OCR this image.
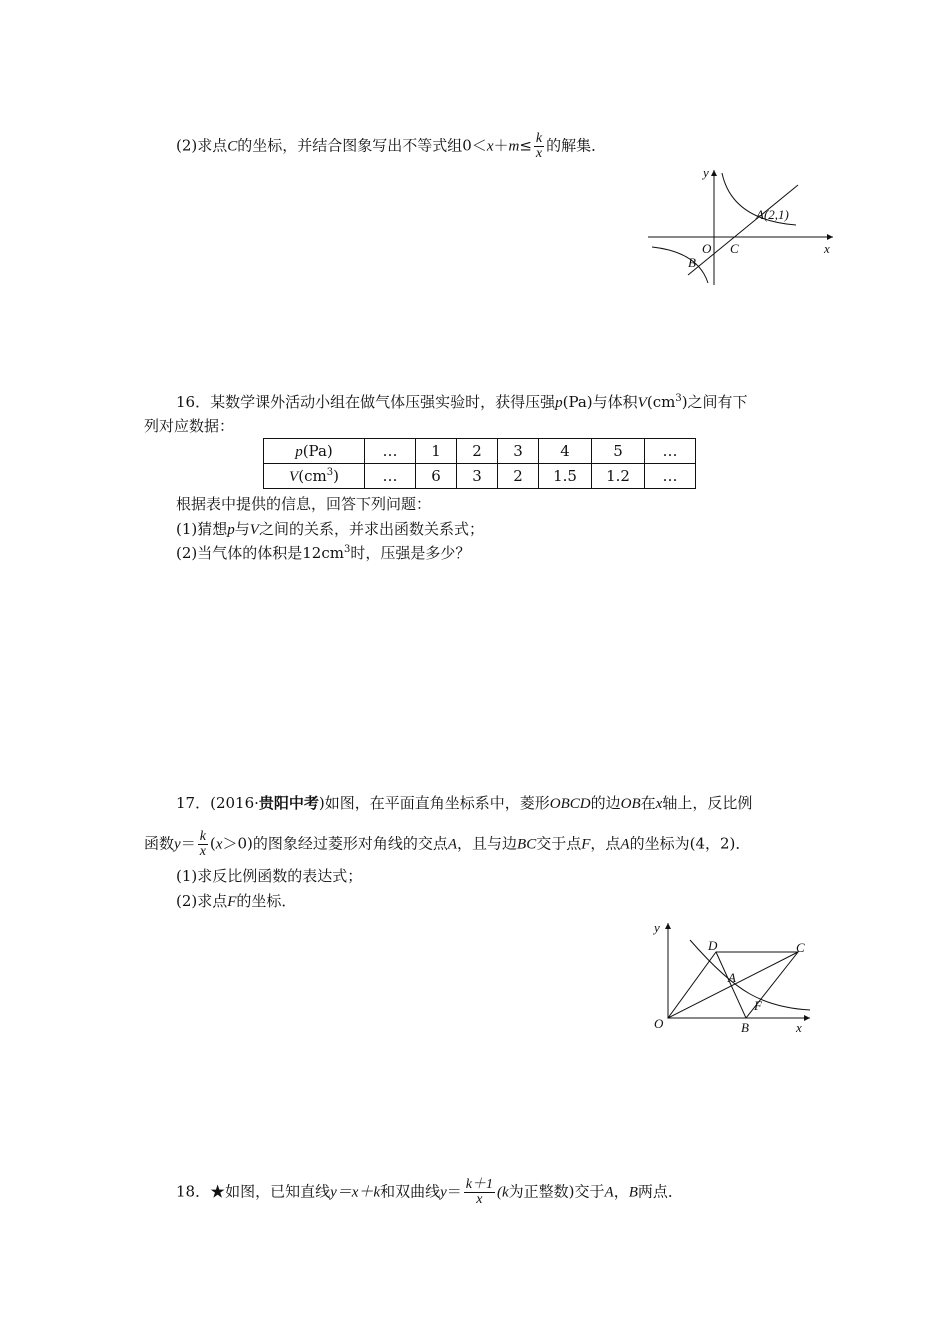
(2)求点C的坐标，并结合图象写出不等式组$0<x+m\le \frac{k}{x}$ 的解集．
y
x
O C
B
A(2,1)
16．某数学课外活动小组在做气体压强实验时，获得压强p(Pa)与体积$V(cm^3)$之间有下
列对应数据：
p(Pa)	…	1	2	3	4	5	…
$V(cm^3)$	…	6	3	2	1.5	1.2	…
根据表中提供的信息，回答下列问题：
(1)猜想p与V之间的关系，并求出函数关系式；
(2)当气体的体积是$12cm^3$时，压强是多少？
17．(2016·贵阳中考)如图，在平面直角坐标系中，菱形OBCD的边OB在x轴上，反比例
函数$y= \frac{k}{x} (x>0)$的图象经过菱形对角线的交点A，且与边BC交于点F，点A的坐标为(4，2)．
(1)求反比例函数的表达式；
(2)求点F的坐标．
y
x
O	B
C
D
A
F
18．★如图，已知直线y＝x＋k和双曲线$y= \frac{k+1}{x} (k$为正整数)交于A，B两点．
